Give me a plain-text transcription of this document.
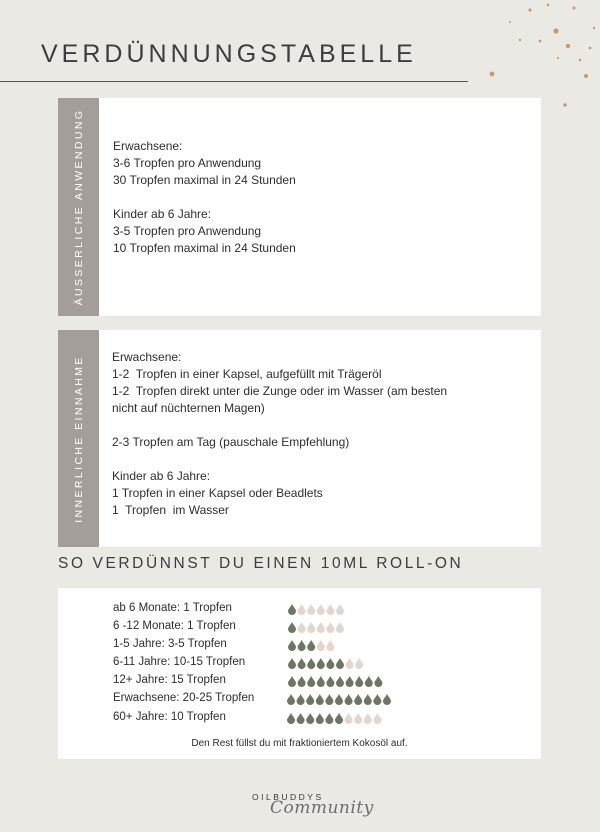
VERDÜNNUNGSTABELLE
ÄUSSERLICHE ANWENDUNG Erwachsene:
3-6 Tropfen pro Anwendung
30 Tropfen maximal in 24 Stunden
Kinder ab 6 Jahre:
3-5 Tropfen pro Anwendung
10 Tropfen maximal in 24 Stunden
INNERLICHE EINNAHME Erwachsene:
1-2  Tropfen in einer Kapsel, aufgefüllt mit Trägeröl
1-2  Tropfen direkt unter die Zunge oder im Wasser (am besten
nicht auf nüchternen Magen)
2-3 Tropfen am Tag (pauschale Empfehlung)
Kinder ab 6 Jahre:
1 Tropfen in einer Kapsel oder Beadlets
1  Tropfen  im Wasser
SO VERDÜNNST DU EINEN 10ML ROLL-ON
ab 6 Monate: 1 Tropfen
6 -12 Monate: 1 Tropfen
1-5 Jahre: 3-5 Tropfen
6-11 Jahre: 10-15 Tropfen
12+ Jahre: 15 Tropfen
Erwachsene: 20-25 Tropfen
60+ Jahre: 10 Tropfen
Den Rest füllst du mit fraktioniertem Kokosöl auf.
OILBUDDYS
Community
